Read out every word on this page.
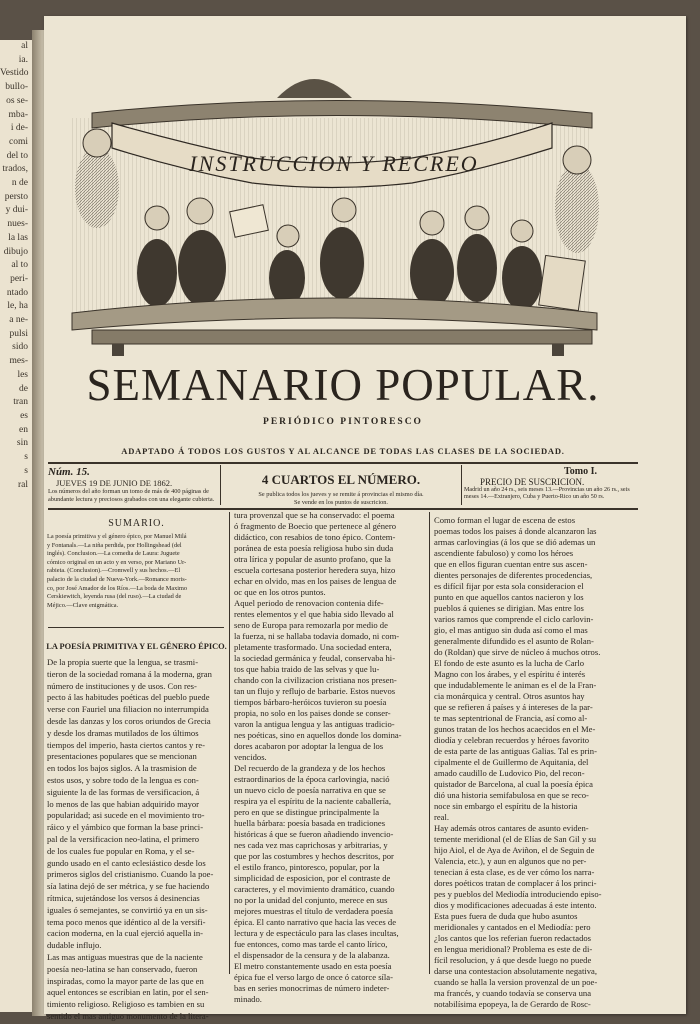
al
ia.
Vestido
bullo-
os se-
mba-
i de-
comi
del to
trados,
n de
persto
y dui-
nues-
la las
dibujo
al to
peri-
ntado
le, ha
a ne-
pulsi
sido
mes-
les
de
tran
es
en
sin
s
s
ral
INSTRUCCION Y RECREO
SEMANARIO POPULAR.
PERIÓDICO PINTORESCO
ADAPTADO Á TODOS LOS GUSTOS Y AL ALCANCE DE TODAS LAS CLASES DE LA SOCIEDAD.
Núm. 15.
JUEVES 19 DE JUNIO DE 1862.
Los números del año forman un tomo de más de 400 páginas de abundante lectura y preciosos grabados con una elegante cubierta.
4 CUARTOS EL NÚMERO.
Se publica todos los jueves y se remite á provincias el mismo día.
Se vende en los puntos de suscricion.
Tomo I.
PRECIO DE SUSCRICION.
Madrid un año 24 rs., seis meses 13.—Provincias un año 26 rs., seis meses 14.—Extranjero, Cuba y Puerto-Rico un año 50 rs.
SUMARIO.
La poesía primitiva y el género épico, por Manuel Milá
y Fontanals.—La niña perdida, por Hollingshead (del
inglés). Conclusion.—La comedia de Laura: Juguete
cómico original en un acto y en verso, por Mariano Ur-
rabieta. (Conclusion).—Cromwell y sus hechos.—El
palacio de la ciudad de Nueva-York.—Romance moris-
co, por José Amador de los Ríos.—La boda de Maximo
Cerskiewitch, leyenda rusa (del ruso).—La ciudad de
Méjico.—Clave enigmática.
LA POESÍA PRIMITIVA Y EL GÉNERO ÉPICO.
De la propia suerte que la lengua, se trasmi-
tieron de la sociedad romana á la moderna, gran
número de instituciones y de usos. Con res-
pecto á las habitudes poéticas del pueblo puede
verse con Fauriel una filiacion no interrumpida
desde las danzas y los coros oriundos de Grecia
y desde los dramas mutilados de los últimos
tiempos del imperio, hasta ciertos cantos y re-
presentaciones populares que se mencionan
en todos los bajos siglos. A la trasmision de
estos usos, y sobre todo de la lengua es con-
siguiente la de las formas de versificacion, á
lo menos de las que habian adquirido mayor
popularidad; asi sucede en el movimiento tro-
ráico y el yámbico que forman la base princi-
pal de la versificacion neo-latina, el primero
de los cuales fue popular en Roma, y el se-
gundo usado en el canto eclesiástico desde los
primeros siglos del cristianismo. Cuando la poe-
sía latina dejó de ser métrica, y se fue haciendo
rítmica, sujetándose los versos á desinencias
iguales ó semejantes, se convirtió ya en un sis-
tema poco menos que idéntico al de la versifi-
cacion moderna, en la cual ejerció aquella in-
dudable influjo.
Las mas antiguas muestras que de la naciente
poesía neo-latina se han conservado, fueron
inspiradas, como la mayor parte de las que en
aquel entonces se escribian en latin, por el sen-
timiento religioso. Religioso es tambien en su
sentido el mas antiguo monumento de la litera-
tura provenzal que se ha conservado: el poema
ó fragmento de Boecio que pertenece al género
didáctico, con resabios de tono épico. Contem-
poránea de esta poesía religiosa hubo sin duda
otra lírica y popular de asunto profano, que la
escuela cortesana posterior heredera suya, hizo
echar en olvido, mas en los paises de lengua de
oc que en los otros puntos.
Aquel periodo de renovacion contenia dife-
rentes elementos y el que habia sido llevado al
seno de Europa para remozarla por medio de
la fuerza, ni se hallaba todavia domado, ni com-
pletamente trasformado. Una sociedad entera,
la sociedad germánica y feudal, conservaba hi-
tos que habia traido de las selvas y que lu-
chando con la civilizacion cristiana nos presen-
tan un flujo y reflujo de barbarie. Estos nuevos
tiempos bárbaro-heróicos tuvieron su poesía
propia, no solo en los paises donde se conser-
varon la antigua lengua y las antiguas tradicio-
nes poéticas, sino en aquellos donde los domina-
dores acabaron por adoptar la lengua de los
vencidos.
Del recuerdo de la grandeza y de los hechos
estraordinarios de la época carlovingia, nació
un nuevo ciclo de poesía narrativa en que se
respira ya el espíritu de la naciente caballería,
pero en que se distingue principalmente la
huella bárbara: poesía basada en tradiciones
históricas á que se fueron añadiendo invencio-
nes cada vez mas caprichosas y arbitrarias, y
que por las costumbres y hechos descritos, por
el estilo franco, pintoresco, popular, por la
simplicidad de esposicion, por el contraste de
caracteres, y el movimiento dramático, cuando
no por la unidad del conjunto, merece en sus
mejores muestras el título de verdadera poesía
épica. El canto narrativo que hacia las veces de
lectura y de espectáculo para las clases incultas,
fue entonces, como mas tarde el canto lírico,
el dispensador de la censura y de la alabanza.
El metro constantemente usado en esta poesía
épica fue el verso largo de once ó catorce síla-
bas en series monocrimas de número indeter-
minado.
Como forman el lugar de escena de estos
poemas todos los paises á donde alcanzaron las
armas carlovingias (á los que se dió ademas un
ascendiente fabuloso) y como los héroes
que en ellos figuran cuentan entre sus ascen-
dientes personajes de diferentes procedencias,
es difícil fijar por esta sola consideracion el
punto en que aquellos cantos nacieron y los
pueblos á quienes se dirigian. Mas entre los
varios ramos que comprende el ciclo carlovin-
gio, el mas antiguo sin duda así como el mas
generalmente difundido es el asunto de Rolan-
do (Roldan) que sirve de núcleo á muchos otros.
El fondo de este asunto es la lucha de Carlo
Magno con los árabes, y el espíritu é interés
que indudablemente le animan es el de la Fran-
cia monárquica y central. Otros asuntos hay
que se refieren á países y á intereses de la par-
te mas septentrional de Francia, así como al-
gunos tratan de los hechos acaecidos en el Me-
diodía y celebran recuerdos y héroes favorito
de esta parte de las antiguas Galias. Tal es prin-
cipalmente el de Guillermo de Aquitania, del
amado caudillo de Ludovico Pio, del recon-
quistador de Barcelona, al cual la poesía épica
dió una historia semifabulosa en que se reco-
noce sin embargo el espíritu de la historia
real.
Hay además otros cantares de asunto eviden-
temente meridional (el de Elías de San Gil y su
hijo Aiol, el de Aya de Aviñon, el de Seguin de
Valencia, etc.), y aun en algunos que no per-
tenecian á esta clase, es de ver cómo los narra-
dores poéticos tratan de complacer á los princi-
pes y pueblos del Mediodía introduciendo episo-
dios y modificaciones adecuadas á este intento.
Esta pues fuera de duda que hubo asuntos
meridionales y cantados en el Mediodía: pero
¿los cantos que los referian fueron redactados
en lengua meridional? Problema es este de di-
fícil resolucion, y á que desde luego no puede
darse una contestacion absolutamente negativa,
cuando se halla la version provenzal de un poe-
ma francés, y cuando todavía se conserva una
notabilísima epopeya, la de Gerardo de Rosc-
